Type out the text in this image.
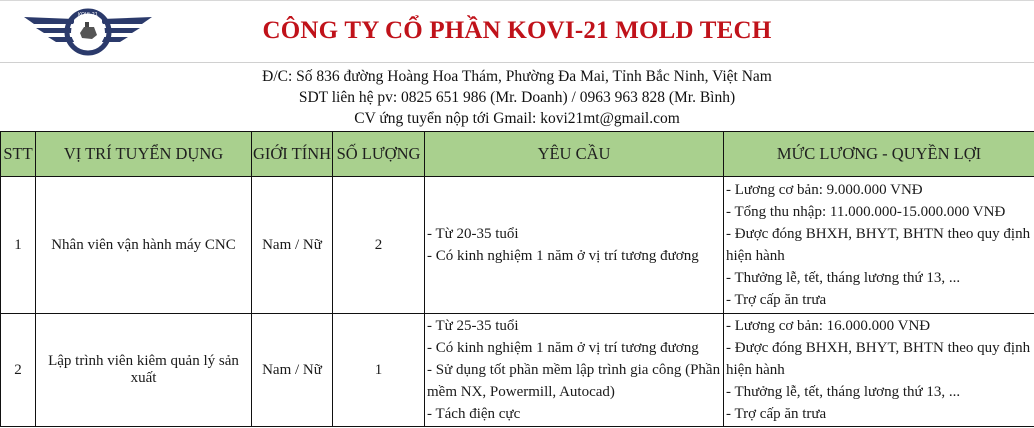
KOVI-21
CÔNG TY CỔ PHẦN KOVI-21 MOLD TECH
Đ/C: Số 836 đường Hoàng Hoa Thám, Phường Đa Mai, Tỉnh Bắc Ninh, Việt Nam
SDT liên hệ pv: 0825 651 986 (Mr. Doanh) / 0963 963 828 (Mr. Bình)
CV ứng tuyển nộp tới Gmail: kovi21mt@gmail.com
STT	VỊ TRÍ TUYỂN DỤNG	GIỚI TÍNH	SỐ LƯỢNG	YÊU CẦU	MỨC LƯƠNG - QUYỀN LỢI
1	Nhân viên vận hành máy CNC	Nam / Nữ	2	- Từ 20-35 tuổi
- Có kinh nghiệm 1 năm ở vị trí tương đương	- Lương cơ bản: 9.000.000 VNĐ
- Tổng thu nhập: 11.000.000-15.000.000 VNĐ
- Được đóng BHXH, BHYT, BHTN theo quy định hiện hành
- Thưởng lễ, tết, tháng lương thứ 13, ...
- Trợ cấp ăn trưa

2	Lập trình viên kiêm quản lý sản xuất	Nam / Nữ	1	- Từ 25-35 tuổi
- Có kinh nghiệm 1 năm ở vị trí tương đương
- Sử dụng tốt phần mềm lập trình gia công (Phần mềm NX, Powermill, Autocad)
- Tách điện cực	- Lương cơ bản: 16.000.000 VNĐ
- Được đóng BHXH, BHYT, BHTN theo quy định hiện hành
- Thưởng lễ, tết, tháng lương thứ 13, ...
- Trợ cấp ăn trưa
